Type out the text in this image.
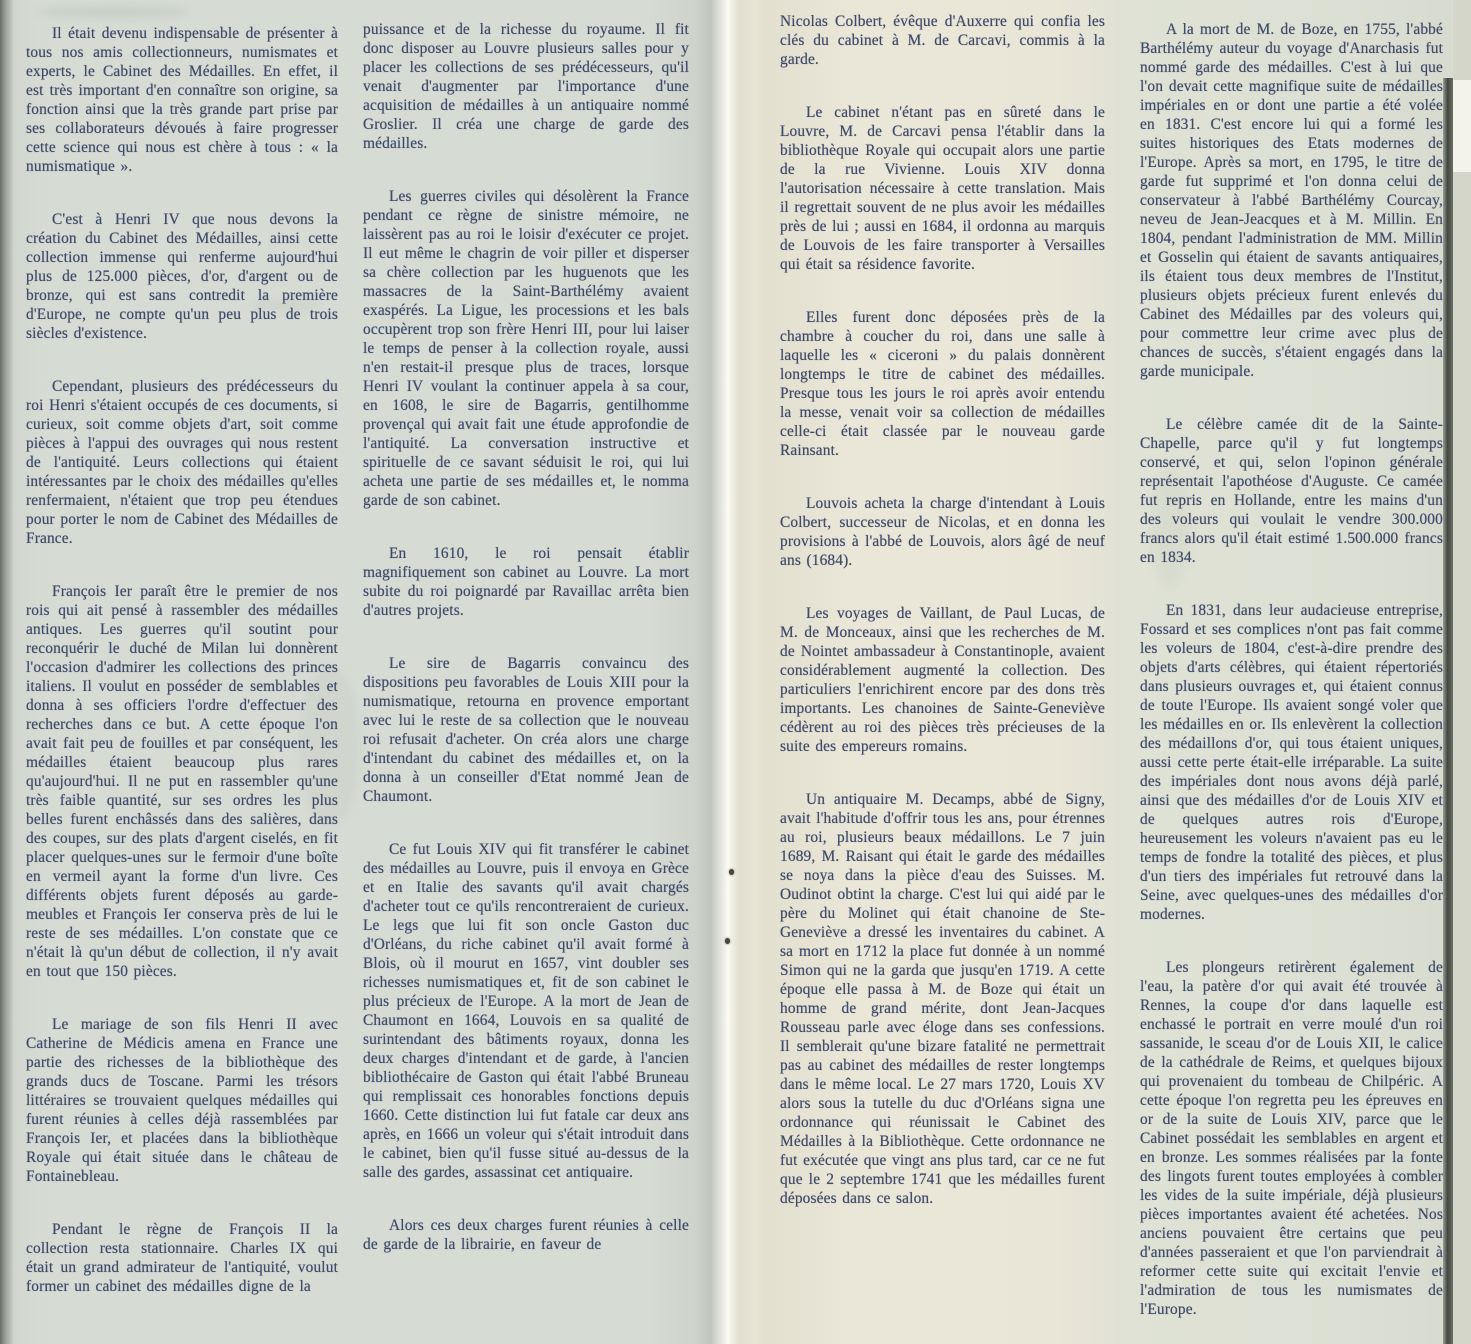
Il était devenu indispensable de présenter à tous nos amis collectionneurs, numismates et experts, le Cabinet des Médailles. En effet, il est très important d'en connaître son origine, sa fonction ainsi que la très grande part prise par ses collaborateurs dévoués à faire progresser cette science qui nous est chère à tous : « la numismatique ».

C'est à Henri IV que nous devons la création du Cabinet des Médailles, ainsi cette collection immense qui renferme aujourd'hui plus de 125.000 pièces, d'or, d'argent ou de bronze, qui est sans contredit la première d'Europe, ne compte qu'un peu plus de trois siècles d'existence.

Cependant, plusieurs des prédécesseurs du roi Henri s'étaient occupés de ces documents, si curieux, soit comme objets d'art, soit comme pièces à l'appui des ouvrages qui nous restent de l'antiquité. Leurs collections qui étaient intéressantes par le choix des médailles qu'elles renfermaient, n'étaient que trop peu étendues pour porter le nom de Cabinet des Médailles de France.

François Ier paraît être le premier de nos rois qui ait pensé à rassembler des médailles antiques. Les guerres qu'il soutint pour reconquérir le duché de Milan lui donnèrent l'occasion d'admirer les collections des princes italiens. Il voulut en posséder de semblables et donna à ses officiers l'ordre d'effectuer des recherches dans ce but. A cette époque l'on avait fait peu de fouilles et par conséquent, les médailles étaient beaucoup plus rares qu'aujourd'hui. Il ne put en rassembler qu'une très faible quantité, sur ses ordres les plus belles furent enchâssés dans des salières, dans des coupes, sur des plats d'argent ciselés, en fit placer quelques-unes sur le fermoir d'une boîte en vermeil ayant la forme d'un livre. Ces différents objets furent déposés au garde-meubles et François Ier conserva près de lui le reste de ses médailles. L'on constate que ce n'était là qu'un début de collection, il n'y avait en tout que 150 pièces.

Le mariage de son fils Henri II avec Catherine de Médicis amena en France une partie des richesses de la bibliothèque des grands ducs de Toscane. Parmi les trésors littéraires se trouvaient quelques médailles qui furent réunies à celles déjà rassemblées par François Ier, et placées dans la bibliothèque Royale qui était située dans le château de Fontainebleau.

Pendant le règne de François II la collection resta stationnaire. Charles IX qui était un grand admirateur de l'antiquité, voulut former un cabinet des médailles digne de la

puissance et de la richesse du royaume. Il fit donc disposer au Louvre plusieurs salles pour y placer les collections de ses prédécesseurs, qu'il venait d'augmenter par l'importance d'une acquisition de médailles à un antiquaire nommé Groslier. Il créa une charge de garde des médailles.

Les guerres civiles qui désolèrent la France pendant ce règne de sinistre mémoire, ne laissèrent pas au roi le loisir d'exécuter ce projet. Il eut même le chagrin de voir piller et disperser sa chère collection par les huguenots que les massacres de la Saint-Barthélémy avaient exaspérés. La Ligue, les processions et les bals occupèrent trop son frère Henri III, pour lui laiser le temps de penser à la collection royale, aussi n'en restait-il presque plus de traces, lorsque Henri IV voulant la continuer appela à sa cour, en 1608, le sire de Bagarris, gentilhomme provençal qui avait fait une étude approfondie de l'antiquité. La conversation instructive et spirituelle de ce savant séduisit le roi, qui lui acheta une partie de ses médailles et, le nomma garde de son cabinet.

En 1610, le roi pensait établir magnifiquement son cabinet au Louvre. La mort subite du roi poignardé par Ravaillac arrêta bien d'autres projets.

Le sire de Bagarris convaincu des dispositions peu favorables de Louis XIII pour la numismatique, retourna en provence emportant avec lui le reste de sa collection que le nouveau roi refusait d'acheter. On créa alors une charge d'intendant du cabinet des médailles et, on la donna à un conseiller d'Etat nommé Jean de Chaumont.

Ce fut Louis XIV qui fit transférer le cabinet des médailles au Louvre, puis il envoya en Grèce et en Italie des savants qu'il avait chargés d'acheter tout ce qu'ils rencontreraient de curieux. Le legs que lui fit son oncle Gaston duc d'Orléans, du riche cabinet qu'il avait formé à Blois, où il mourut en 1657, vint doubler ses richesses numismatiques et, fit de son cabinet le plus précieux de l'Europe. A la mort de Jean de Chaumont en 1664, Louvois en sa qualité de surintendant des bâtiments royaux, donna les deux charges d'intendant et de garde, à l'ancien bibliothécaire de Gaston qui était l'abbé Bruneau qui remplissait ces honorables fonctions depuis 1660. Cette distinction lui fut fatale car deux ans après, en 1666 un voleur qui s'était introduit dans le cabinet, bien qu'il fusse situé au-dessus de la salle des gardes, assassinat cet antiquaire.

Alors ces deux charges furent réunies à celle de garde de la librairie, en faveur de

Nicolas Colbert, évêque d'Auxerre qui confia les clés du cabinet à M. de Carcavi, commis à la garde.

Le cabinet n'étant pas en sûreté dans le Louvre, M. de Carcavi pensa l'établir dans la bibliothèque Royale qui occupait alors une partie de la rue Vivienne. Louis XIV donna l'autorisation nécessaire à cette translation. Mais il regrettait souvent de ne plus avoir les médailles près de lui ; aussi en 1684, il ordonna au marquis de Louvois de les faire transporter à Versailles qui était sa résidence favorite.

Elles furent donc déposées près de la chambre à coucher du roi, dans une salle à laquelle les « ciceroni » du palais donnèrent longtemps le titre de cabinet des médailles. Presque tous les jours le roi après avoir entendu la messe, venait voir sa collection de médailles celle-ci était classée par le nouveau garde Rainsant.

Louvois acheta la charge d'intendant à Louis Colbert, successeur de Nicolas, et en donna les provisions à l'abbé de Louvois, alors âgé de neuf ans (1684).

Les voyages de Vaillant, de Paul Lucas, de M. de Monceaux, ainsi que les recherches de M. de Nointet ambassadeur à Constantinople, avaient considérablement augmenté la collection. Des particuliers l'enrichirent encore par des dons très importants. Les chanoines de Sainte-Geneviève cédèrent au roi des pièces très précieuses de la suite des empereurs romains.

Un antiquaire M. Decamps, abbé de Signy, avait l'habitude d'offrir tous les ans, pour étrennes au roi, plusieurs beaux médaillons. Le 7 juin 1689, M. Raisant qui était le garde des médailles se noya dans la pièce d'eau des Suisses. M. Oudinot obtint la charge. C'est lui qui aidé par le père du Molinet qui était chanoine de Ste-Geneviève a dressé les inventaires du cabinet. A sa mort en 1712 la place fut donnée à un nommé Simon qui ne la garda que jusqu'en 1719. A cette époque elle passa à M. de Boze qui était un homme de grand mérite, dont Jean-Jacques Rousseau parle avec éloge dans ses confessions. Il semblerait qu'une bizare fatalité ne permettrait pas au cabinet des médailles de rester longtemps dans le même local. Le 27 mars 1720, Louis XV alors sous la tutelle du duc d'Orléans signa une ordonnance qui réunissait le Cabinet des Médailles à la Bibliothèque. Cette ordonnance ne fut exécutée que vingt ans plus tard, car ce ne fut que le 2 septembre 1741 que les médailles furent déposées dans ce salon.

A la mort de M. de Boze, en 1755, l'abbé Barthélémy auteur du voyage d'Anarchasis fut nommé garde des médailles. C'est à lui que l'on devait cette magnifique suite de médailles impériales en or dont une partie a été volée en 1831. C'est encore lui qui a formé les suites historiques des Etats modernes de l'Europe. Après sa mort, en 1795, le titre de garde fut supprimé et l'on donna celui de conservateur à l'abbé Barthélémy Courcay, neveu de Jean-Jeacques et à M. Millin. En 1804, pendant l'administration de MM. Millin et Gosselin qui étaient de savants antiquaires, ils étaient tous deux membres de l'Institut, plusieurs objets précieux furent enlevés du Cabinet des Médailles par des voleurs qui, pour commettre leur crime avec plus de chances de succès, s'étaient engagés dans la garde municipale.

Le célèbre camée dit de la Sainte-Chapelle, parce qu'il y fut longtemps conservé, et qui, selon l'opinon générale représentait l'apothéose d'Auguste. Ce camée fut repris en Hollande, entre les mains d'un des voleurs qui voulait le vendre 300.000 francs alors qu'il était estimé 1.500.000 francs en 1834.

En 1831, dans leur audacieuse entreprise, Fossard et ses complices n'ont pas fait comme les voleurs de 1804, c'est-à-dire prendre des objets d'arts célèbres, qui étaient répertoriés dans plusieurs ouvrages et, qui étaient connus de toute l'Europe. Ils avaient songé voler que les médailles en or. Ils enlevèrent la collection des médaillons d'or, qui tous étaient uniques, aussi cette perte était-elle irréparable. La suite des impériales dont nous avons déjà parlé, ainsi que des médailles d'or de Louis XIV et de quelques autres rois d'Europe, heureusement les voleurs n'avaient pas eu le temps de fondre la totalité des pièces, et plus d'un tiers des impériales fut retrouvé dans la Seine, avec quelques-unes des médailles d'or modernes.

Les plongeurs retirèrent également de l'eau, la patère d'or qui avait été trouvée à Rennes, la coupe d'or dans laquelle est enchassé le portrait en verre moulé d'un roi sassanide, le sceau d'or de Louis XII, le calice de la cathédrale de Reims, et quelques bijoux qui provenaient du tombeau de Chilpéric. A cette époque l'on regretta peu les épreuves en or de la suite de Louis XIV, parce que le Cabinet possédait les semblables en argent et en bronze. Les sommes réalisées par la fonte des lingots furent toutes employées à combler les vides de la suite impériale, déjà plusieurs pièces importantes avaient été achetées. Nos anciens pouvaient être certains que peu d'années passeraient et que l'on parviendrait à reformer cette suite qui excitait l'envie et l'admiration de tous les numismates de l'Europe.
